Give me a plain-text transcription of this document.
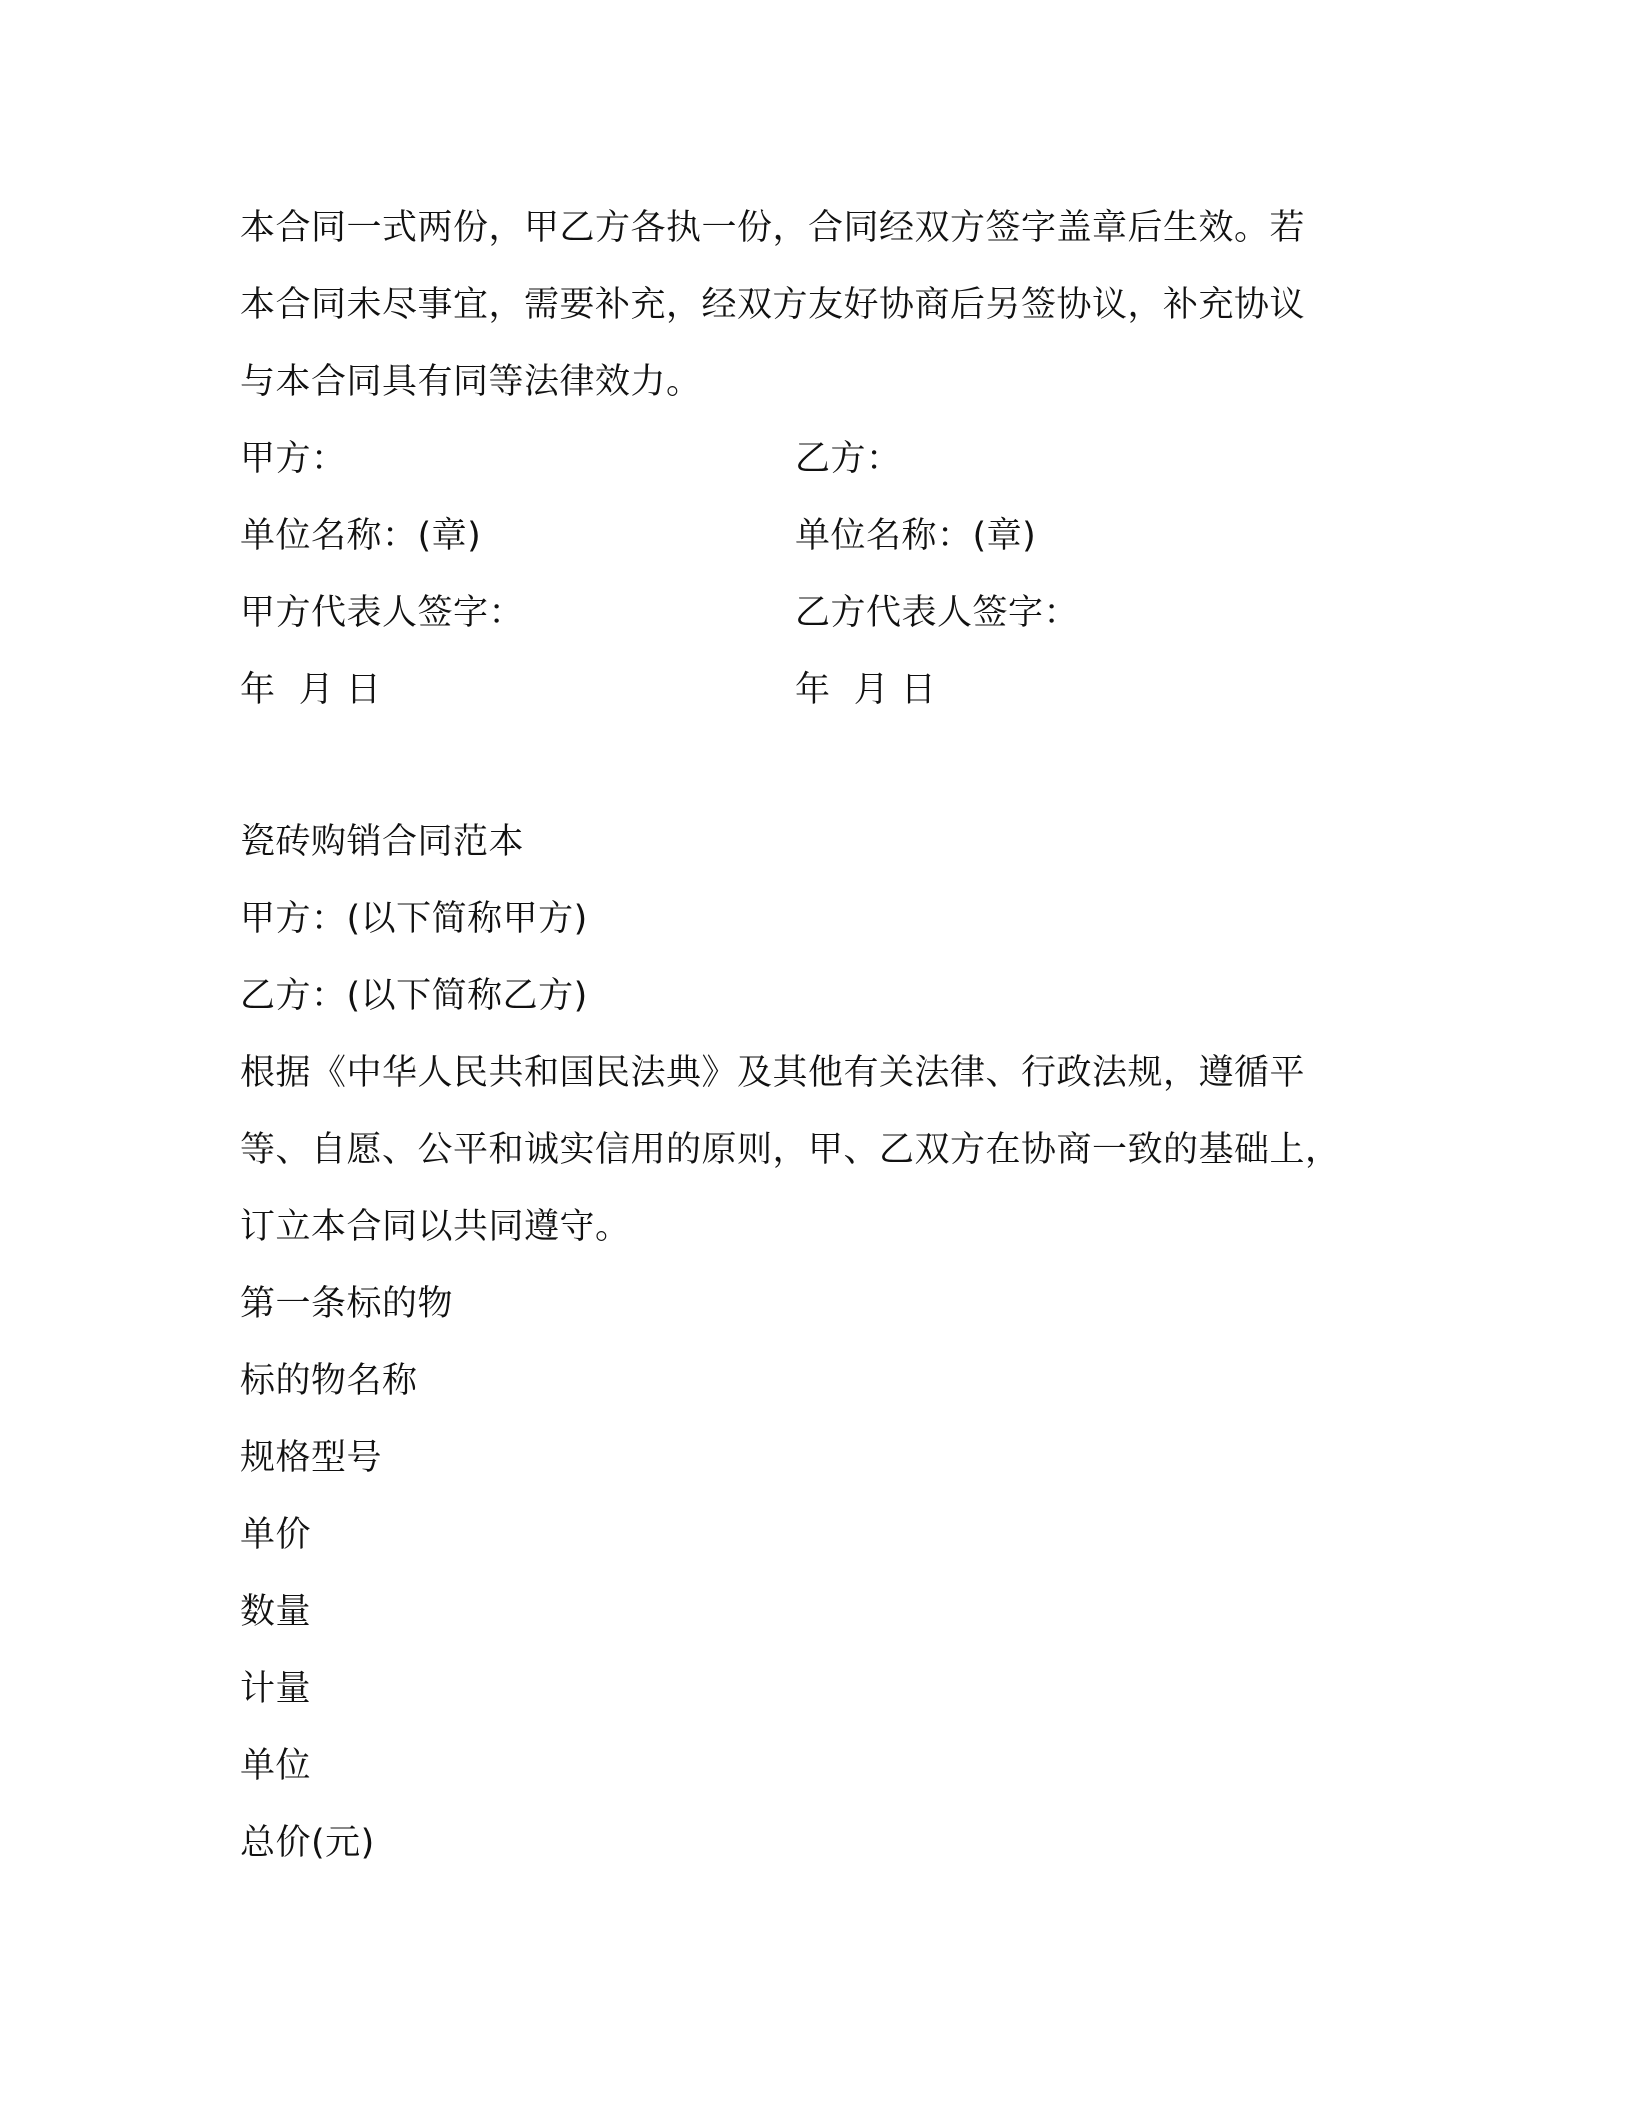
本合同一式两份，甲乙方各执一份，合同经双方签字盖章后生效。若
本合同未尽事宜，需要补充，经双方友好协商后另签协议，补充协议
与本合同具有同等法律效力。
甲方：	乙方：
单位名称：(章)	单位名称：(章)
甲方代表人签字：	乙方代表人签字：
年  月 日	年  月 日
瓷砖购销合同范本
甲方：(以下简称甲方)
乙方：(以下简称乙方)
根据《中华人民共和国民法典》及其他有关法律、行政法规，遵循平
等、自愿、公平和诚实信用的原则，甲、乙双方在协商一致的基础上，
订立本合同以共同遵守。
第一条标的物
标的物名称
规格型号
单价
数量
计量
单位
总价(元)
